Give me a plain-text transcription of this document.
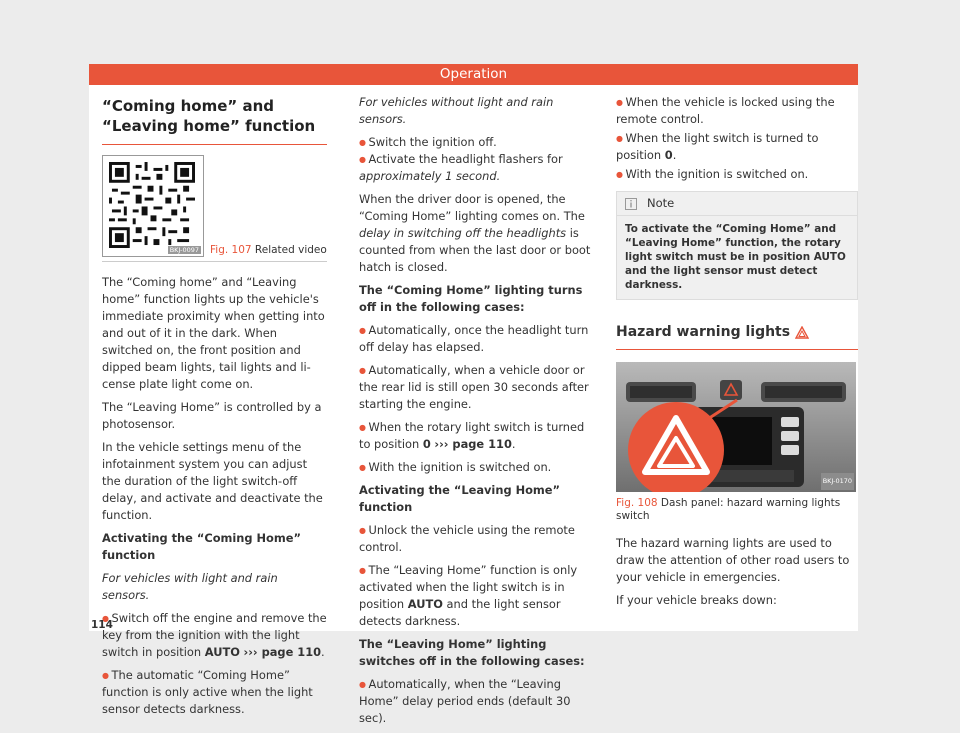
Operation
“Coming home” and “Leaving home” function
BKJ-0097 Fig. 107 Related video

The “Coming home” and “Leaving home” function lights up the vehicle's immediate proximity when getting into and out of it in the dark. When switched on, the front position and dipped beam lights, tail lights and license plate light come on.

The “Leaving Home” is controlled by a photosensor.

In the vehicle settings menu of the infotainment system you can adjust the duration of the light switch-off delay, and activate and deactivate the function.

Activating the “Coming Home” function

For vehicles with light and rain sensors.

● Switch off the engine and remove the key from the ignition with the light switch in position AUTO ››› page 110.

● The automatic “Coming Home” function is only active when the light sensor detects darkness.

For vehicles without light and rain sensors.

● Switch the ignition off.

● Activate the headlight flashers for approximately 1 second.

When the driver door is opened, the “Coming Home” lighting comes on. The delay in switching off the headlights is counted from when the last door or boot hatch is closed.

The “Coming Home” lighting turns off in the following cases:

● Automatically, once the headlight turn off delay has elapsed.

● Automatically, when a vehicle door or the rear lid is still open 30 seconds after starting the engine.

● When the rotary light switch is turned to position 0 ››› page 110.

● With the ignition is switched on.

Activating the “Leaving Home” function

● Unlock the vehicle using the remote control.

● The “Leaving Home” function is only activated when the light switch is in position AUTO and the light sensor detects darkness.

The “Leaving Home” lighting switches off in the following cases:

● Automatically, when the “Leaving Home” delay period ends (default 30 sec).

● When the vehicle is locked using the remote control.

● When the light switch is turned to position 0.

● With the ignition is switched on.

Note
To activate the “Coming Home” and “Leaving Home” function, the rotary light switch must be in position AUTO and the light sensor must detect darkness.
Hazard warning lights
BKJ-0170
Fig. 108 Dash panel: hazard warning lights switch

The hazard warning lights are used to draw the attention of other road users to your vehicle in emergencies.

If your vehicle breaks down:

114
